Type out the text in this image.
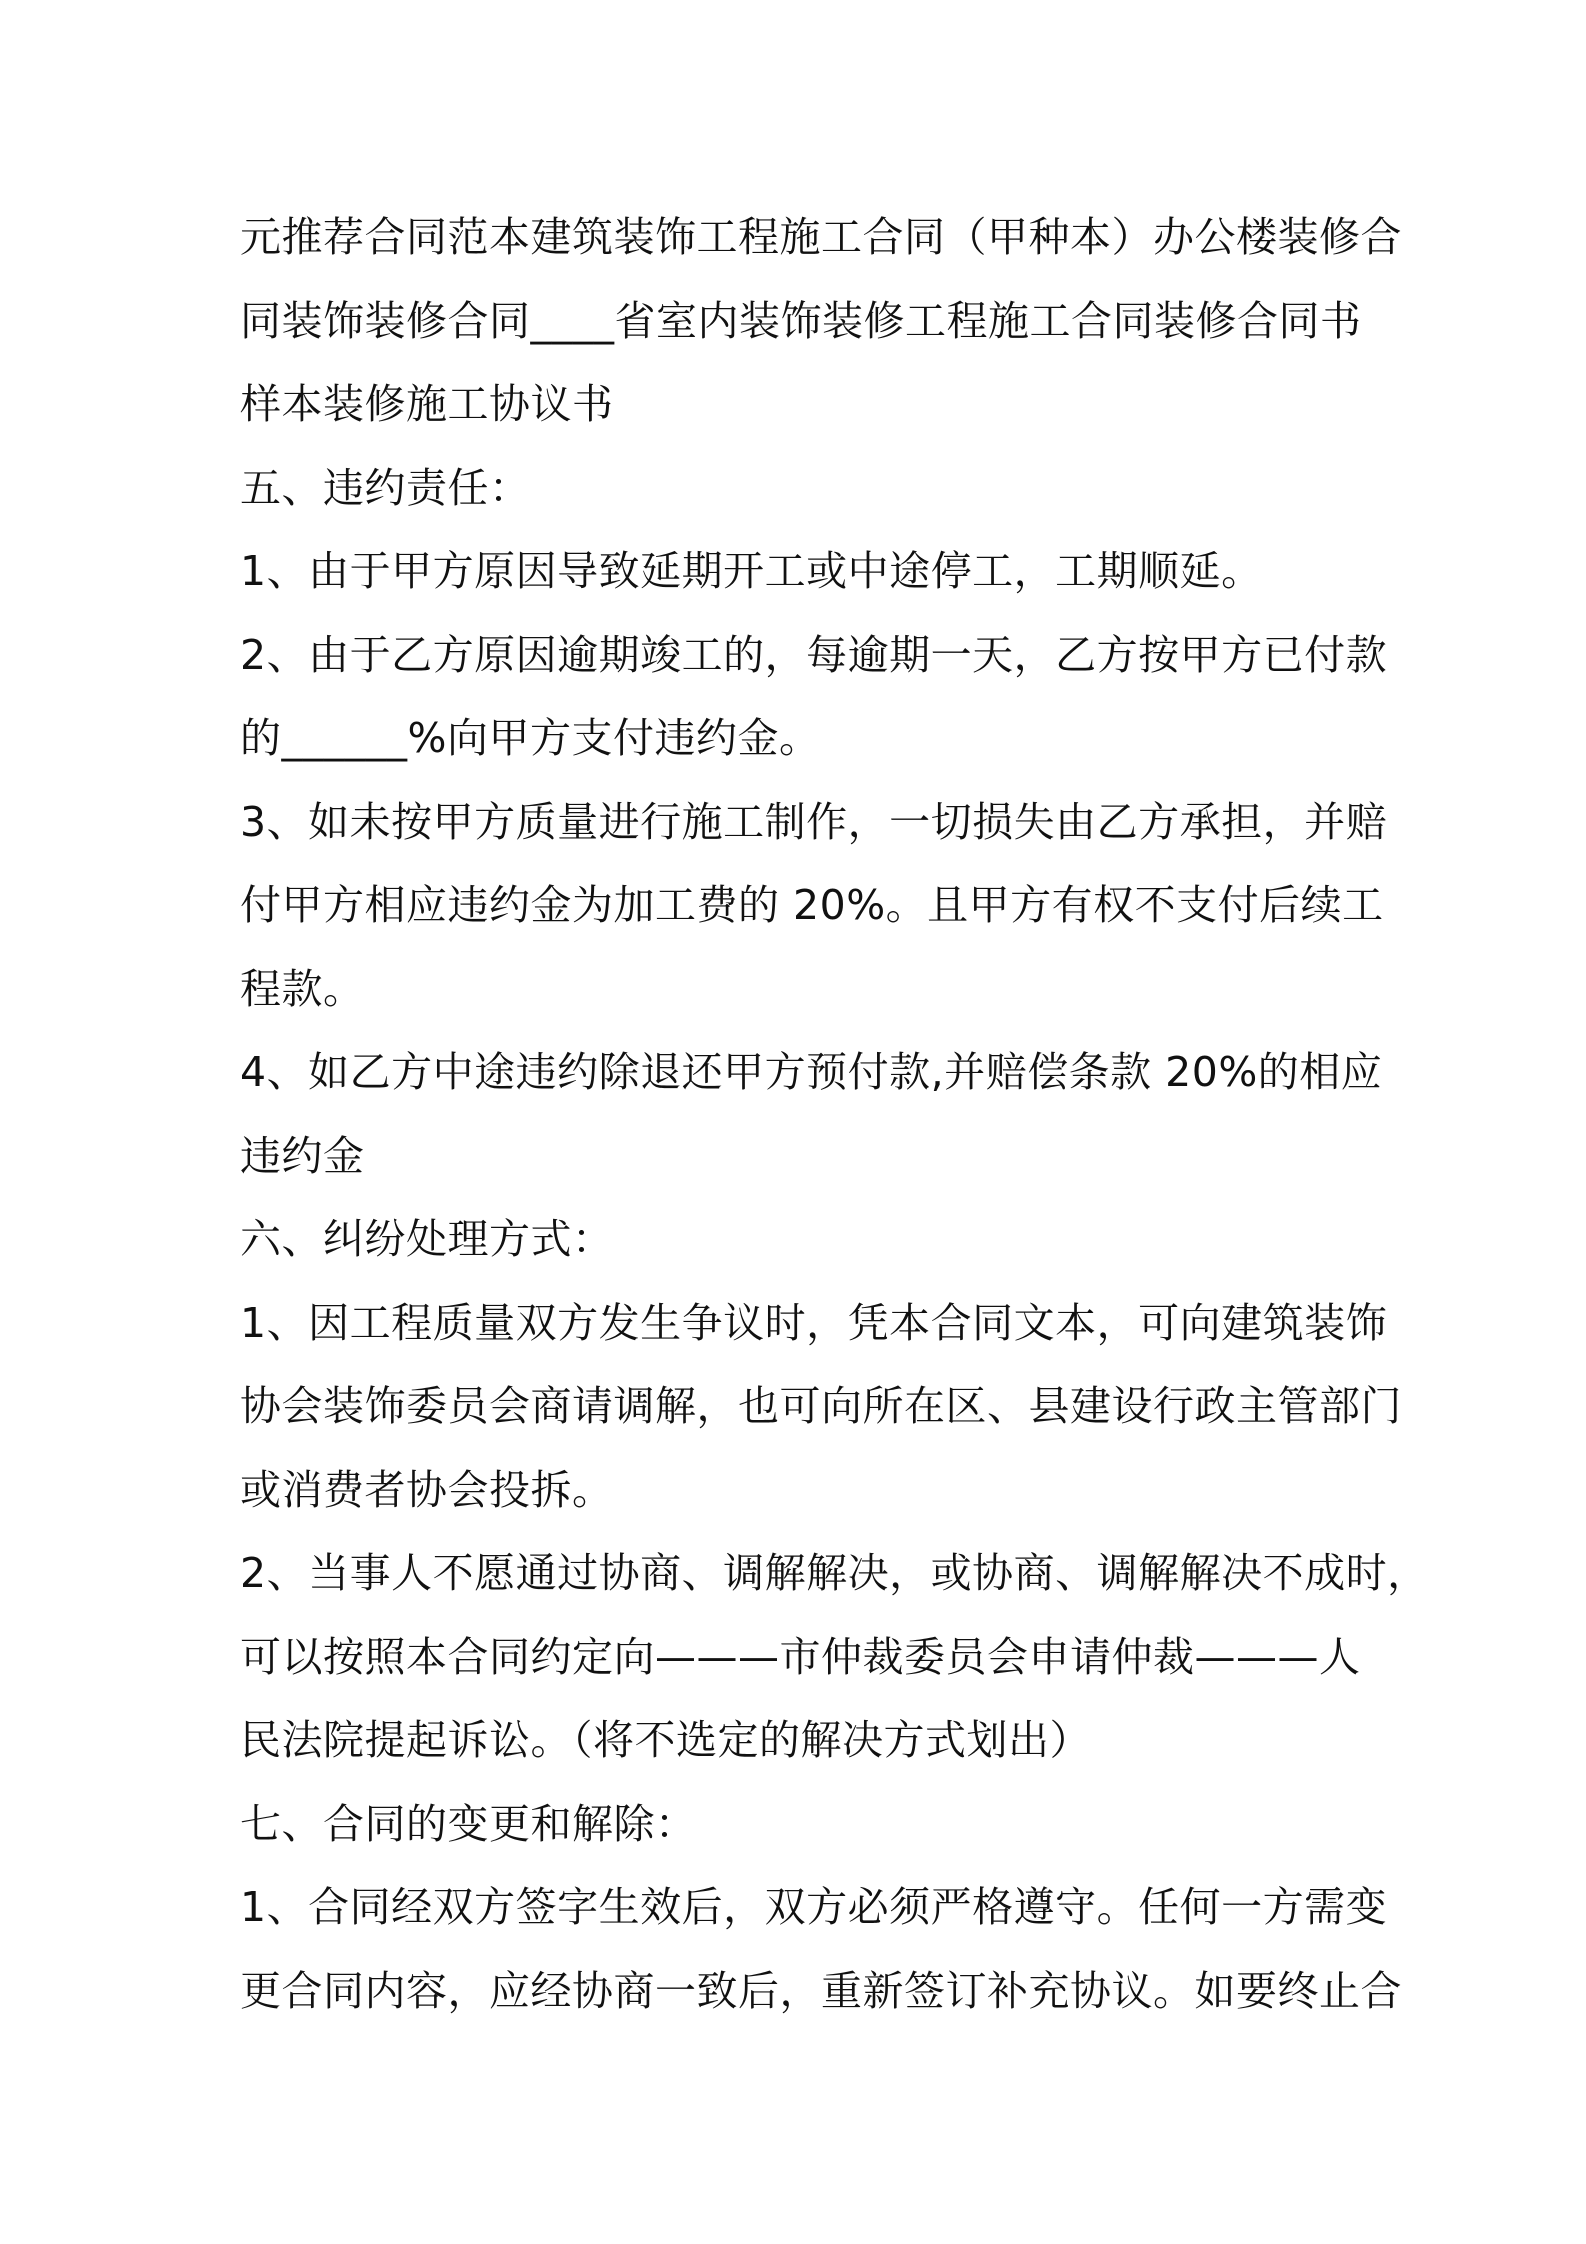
元推荐合同范本建筑装饰工程施工合同（甲种本）办公楼装修合
同装饰装修合同____省室内装饰装修工程施工合同装修合同书
样本装修施工协议书
五、违约责任：
1、由于甲方原因导致延期开工或中途停工，工期顺延。
2、由于乙方原因逾期竣工的，每逾期一天，乙方按甲方已付款
的______%向甲方支付违约金。
3、如未按甲方质量进行施工制作，一切损失由乙方承担，并赔
付甲方相应违约金为加工费的 20%。且甲方有权不支付后续工
程款。
4、如乙方中途违约除退还甲方预付款,并赔偿条款 20%的相应
违约金
六、纠纷处理方式：
1、因工程质量双方发生争议时，凭本合同文本，可向建筑装饰
协会装饰委员会商请调解，也可向所在区、县建设行政主管部门
或消费者协会投拆。
2、当事人不愿通过协商、调解解决，或协商、调解解决不成时，
可以按照本合同约定向———市仲裁委员会申请仲裁———人
民法院提起诉讼。（将不选定的解决方式划出）
七、合同的变更和解除：
1、合同经双方签字生效后，双方必须严格遵守。任何一方需变
更合同内容，应经协商一致后，重新签订补充协议。如要终止合
